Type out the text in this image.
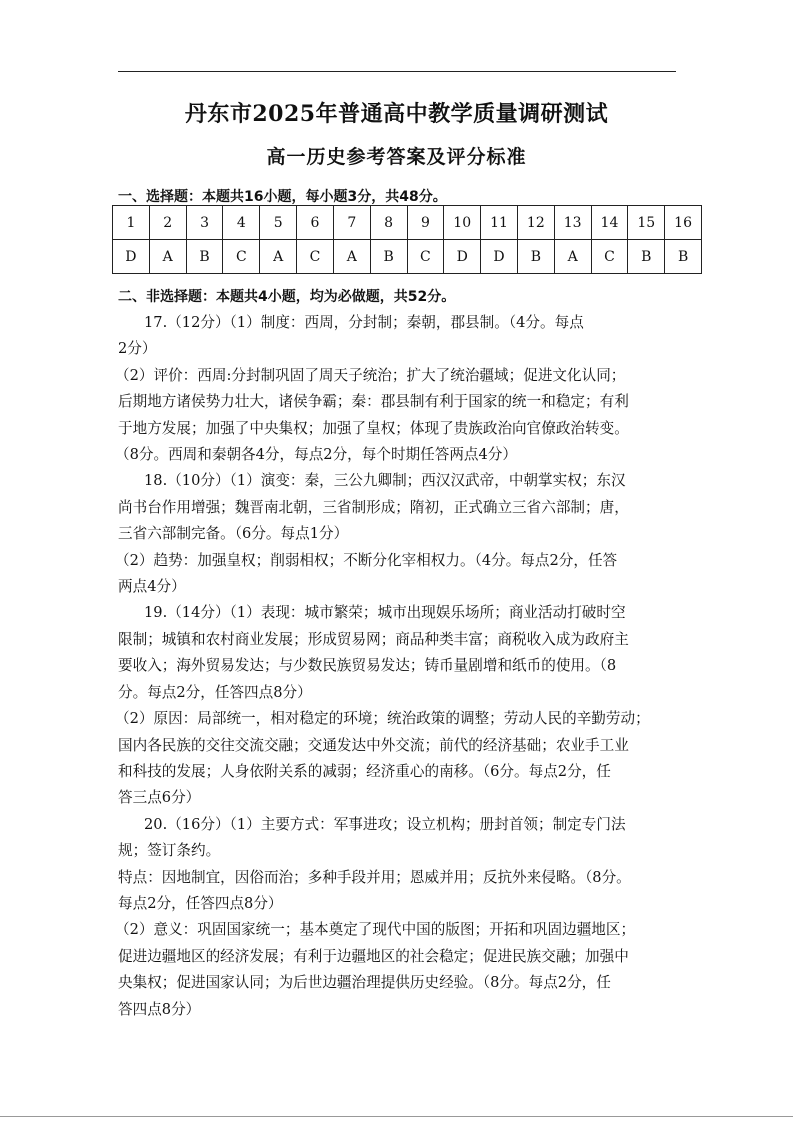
丹东市2025年普通高中教学质量调研测试
高一历史参考答案及评分标准
一、选择题：本题共16小题，每小题3分，共48分。
1	2	3	4	5	6	7	8	9	10	11	12	13	14	15	16
D	A	B	C	A	C	A	B	C	D	D	B	A	C	B	B
二、非选择题：本题共4小题，均为必做题，共52分。

17.（12分）（1）制度：西周，分封制；秦朝，郡县制。（4分。每点

2分）

（2）评价：西周:分封制巩固了周天子统治；扩大了统治疆域；促进文化认同；

后期地方诸侯势力壮大，诸侯争霸；秦：郡县制有利于国家的统一和稳定；有利

于地方发展；加强了中央集权；加强了皇权；体现了贵族政治向官僚政治转变。

（8分。西周和秦朝各4分，每点2分，每个时期任答两点4分）

18.（10分）（1）演变：秦，三公九卿制；西汉汉武帝，中朝掌实权；东汉

尚书台作用增强；魏晋南北朝，三省制形成；隋初，正式确立三省六部制；唐，

三省六部制完备。（6分。每点1分）

（2）趋势：加强皇权；削弱相权；不断分化宰相权力。（4分。每点2分，任答

两点4分）

19.（14分）（1）表现：城市繁荣；城市出现娱乐场所；商业活动打破时空

限制；城镇和农村商业发展；形成贸易网；商品种类丰富；商税收入成为政府主

要收入；海外贸易发达；与少数民族贸易发达；铸币量剧增和纸币的使用。（8

分。每点2分，任答四点8分）

（2）原因：局部统一，相对稳定的环境；统治政策的调整；劳动人民的辛勤劳动；

国内各民族的交往交流交融；交通发达中外交流；前代的经济基础；农业手工业

和科技的发展；人身依附关系的减弱；经济重心的南移。（6分。每点2分，任

答三点6分）

20.（16分）（1）主要方式：军事进攻；设立机构；册封首领；制定专门法

规；签订条约。

特点：因地制宜，因俗而治；多种手段并用；恩威并用；反抗外来侵略。（8分。

每点2分，任答四点8分）

（2）意义：巩固国家统一；基本奠定了现代中国的版图；开拓和巩固边疆地区；

促进边疆地区的经济发展；有利于边疆地区的社会稳定；促进民族交融；加强中

央集权；促进国家认同；为后世边疆治理提供历史经验。（8分。每点2分，任

答四点8分）
